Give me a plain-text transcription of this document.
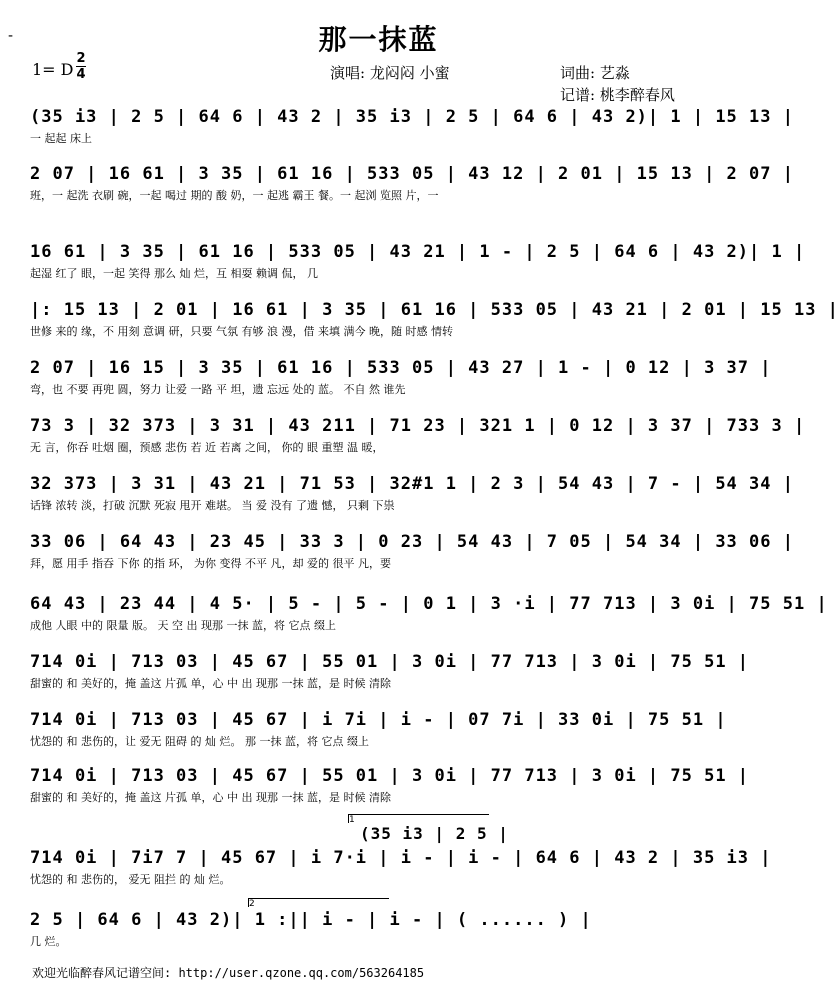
-	那一抹蓝
1= D
2
4	演唱: 龙闷闷 小蜜	词曲: 艺淼
记谱: 桃李醉春风
(35 i3 | 2 5 | 64 6 | 43 2 | 35 i3 | 2 5 | 64 6 | 43 2)| 1 | 15 13 |
一 起起 床上
2 07 | 16 61 | 3 35 | 61 16 | 533 05 | 43 12 | 2 01 | 15 13 | 2 07 |
班，一 起洗 衣刷 碗，一起 喝过 期的 酸 奶，一 起逃 霸王 餐。一 起浏 览照 片，一
16 61 | 3 35 | 61 16 | 533 05 | 43 21 | 1 - | 2 5 | 64 6 | 43 2)| 1 |
起湿 红了 眼，一起 笑得 那么 灿 烂，互 相耍 赖调 侃， 几
|: 15 13 | 2 01 | 16 61 | 3 35 | 61 16 | 533 05 | 43 21 | 2 01 | 15 13 |
世修 来的 缘，不 用刻 意调 研，只要 气氛 有够 浪 漫，借 来填 满今 晚，随 时感 情转
2 07 | 16 15 | 3 35 | 61 16 | 533 05 | 43 27 | 1 - | 0 12 | 3 37 |
弯，也 不要 再兜 圆，努力 让爱 一路 平 坦，遗 忘远 处的 蓝。 不自 然 谁先
73 3 | 32 373 | 3 31 | 43 211 | 71 23 | 321 1 | 0 12 | 3 37 | 733 3 |
无 言，你吞 吐烟 圈，预感 悲伤 若 近 若离 之间， 你的 眼 重塑 温 暖，
32 373 | 3 31 | 43 21 | 71 53 | 32#1 1 | 2 3 | 54 43 | 7 - | 54 34 |
话锋 浓转 淡，打破 沉默 死寂 甩开 难堪。 当 爱 没有 了遗 憾， 只剩 下祟
33 06 | 64 43 | 23 45 | 33 3 | 0 23 | 54 43 | 7 05 | 54 34 | 33 06 |
拜，愿 用手 指吞 下你 的指 环， 为你 变得 不平 凡，却 爱的 很平 凡，要
64 43 | 23 44 | 4 5· | 5 - | 5 - | 0 1 | 3 ·i | 77 713 | 3 0i | 75 51 |
成他 人眼 中的 限量 版。 天 空 出 现那 一抹 蓝，将 它点 缀上
714 0i | 713 03 | 45 67 | 55 01 | 3 0i | 77 713 | 3 0i | 75 51 |
甜蜜的 和 美好的，掩 盖这 片孤 单，心 中 出 现那 一抹 蓝，是 时候 清除
714 0i | 713 03 | 45 67 | i 7i | i - | 07 7i | 33 0i | 75 51 |
忧怨的 和 悲伤的，让 爱无 阻碍 的 灿 烂。 那 一抹 蓝，将 它点 缀上
714 0i | 713 03 | 45 67 | 55 01 | 3 0i | 77 713 | 3 0i | 75 51 |
甜蜜的 和 美好的，掩 盖这 片孤 单，心 中 出 现那 一抹 蓝，是 时候 清除
1
(35 i3 | 2 5 |
714 0i | 7i7 7 | 45 67 | i 7·i | i - | i - | 64 6 | 43 2 | 35 i3 |
忧怨的 和 悲伤的， 爱无 阻拦 的 灿 烂。
2
2 5 | 64 6 | 43 2)| 1 :|| i - | i - | ( ...... ) |
几 烂。
欢迎光临醉春风记谱空间: http://user.qzone.qq.com/563264185
